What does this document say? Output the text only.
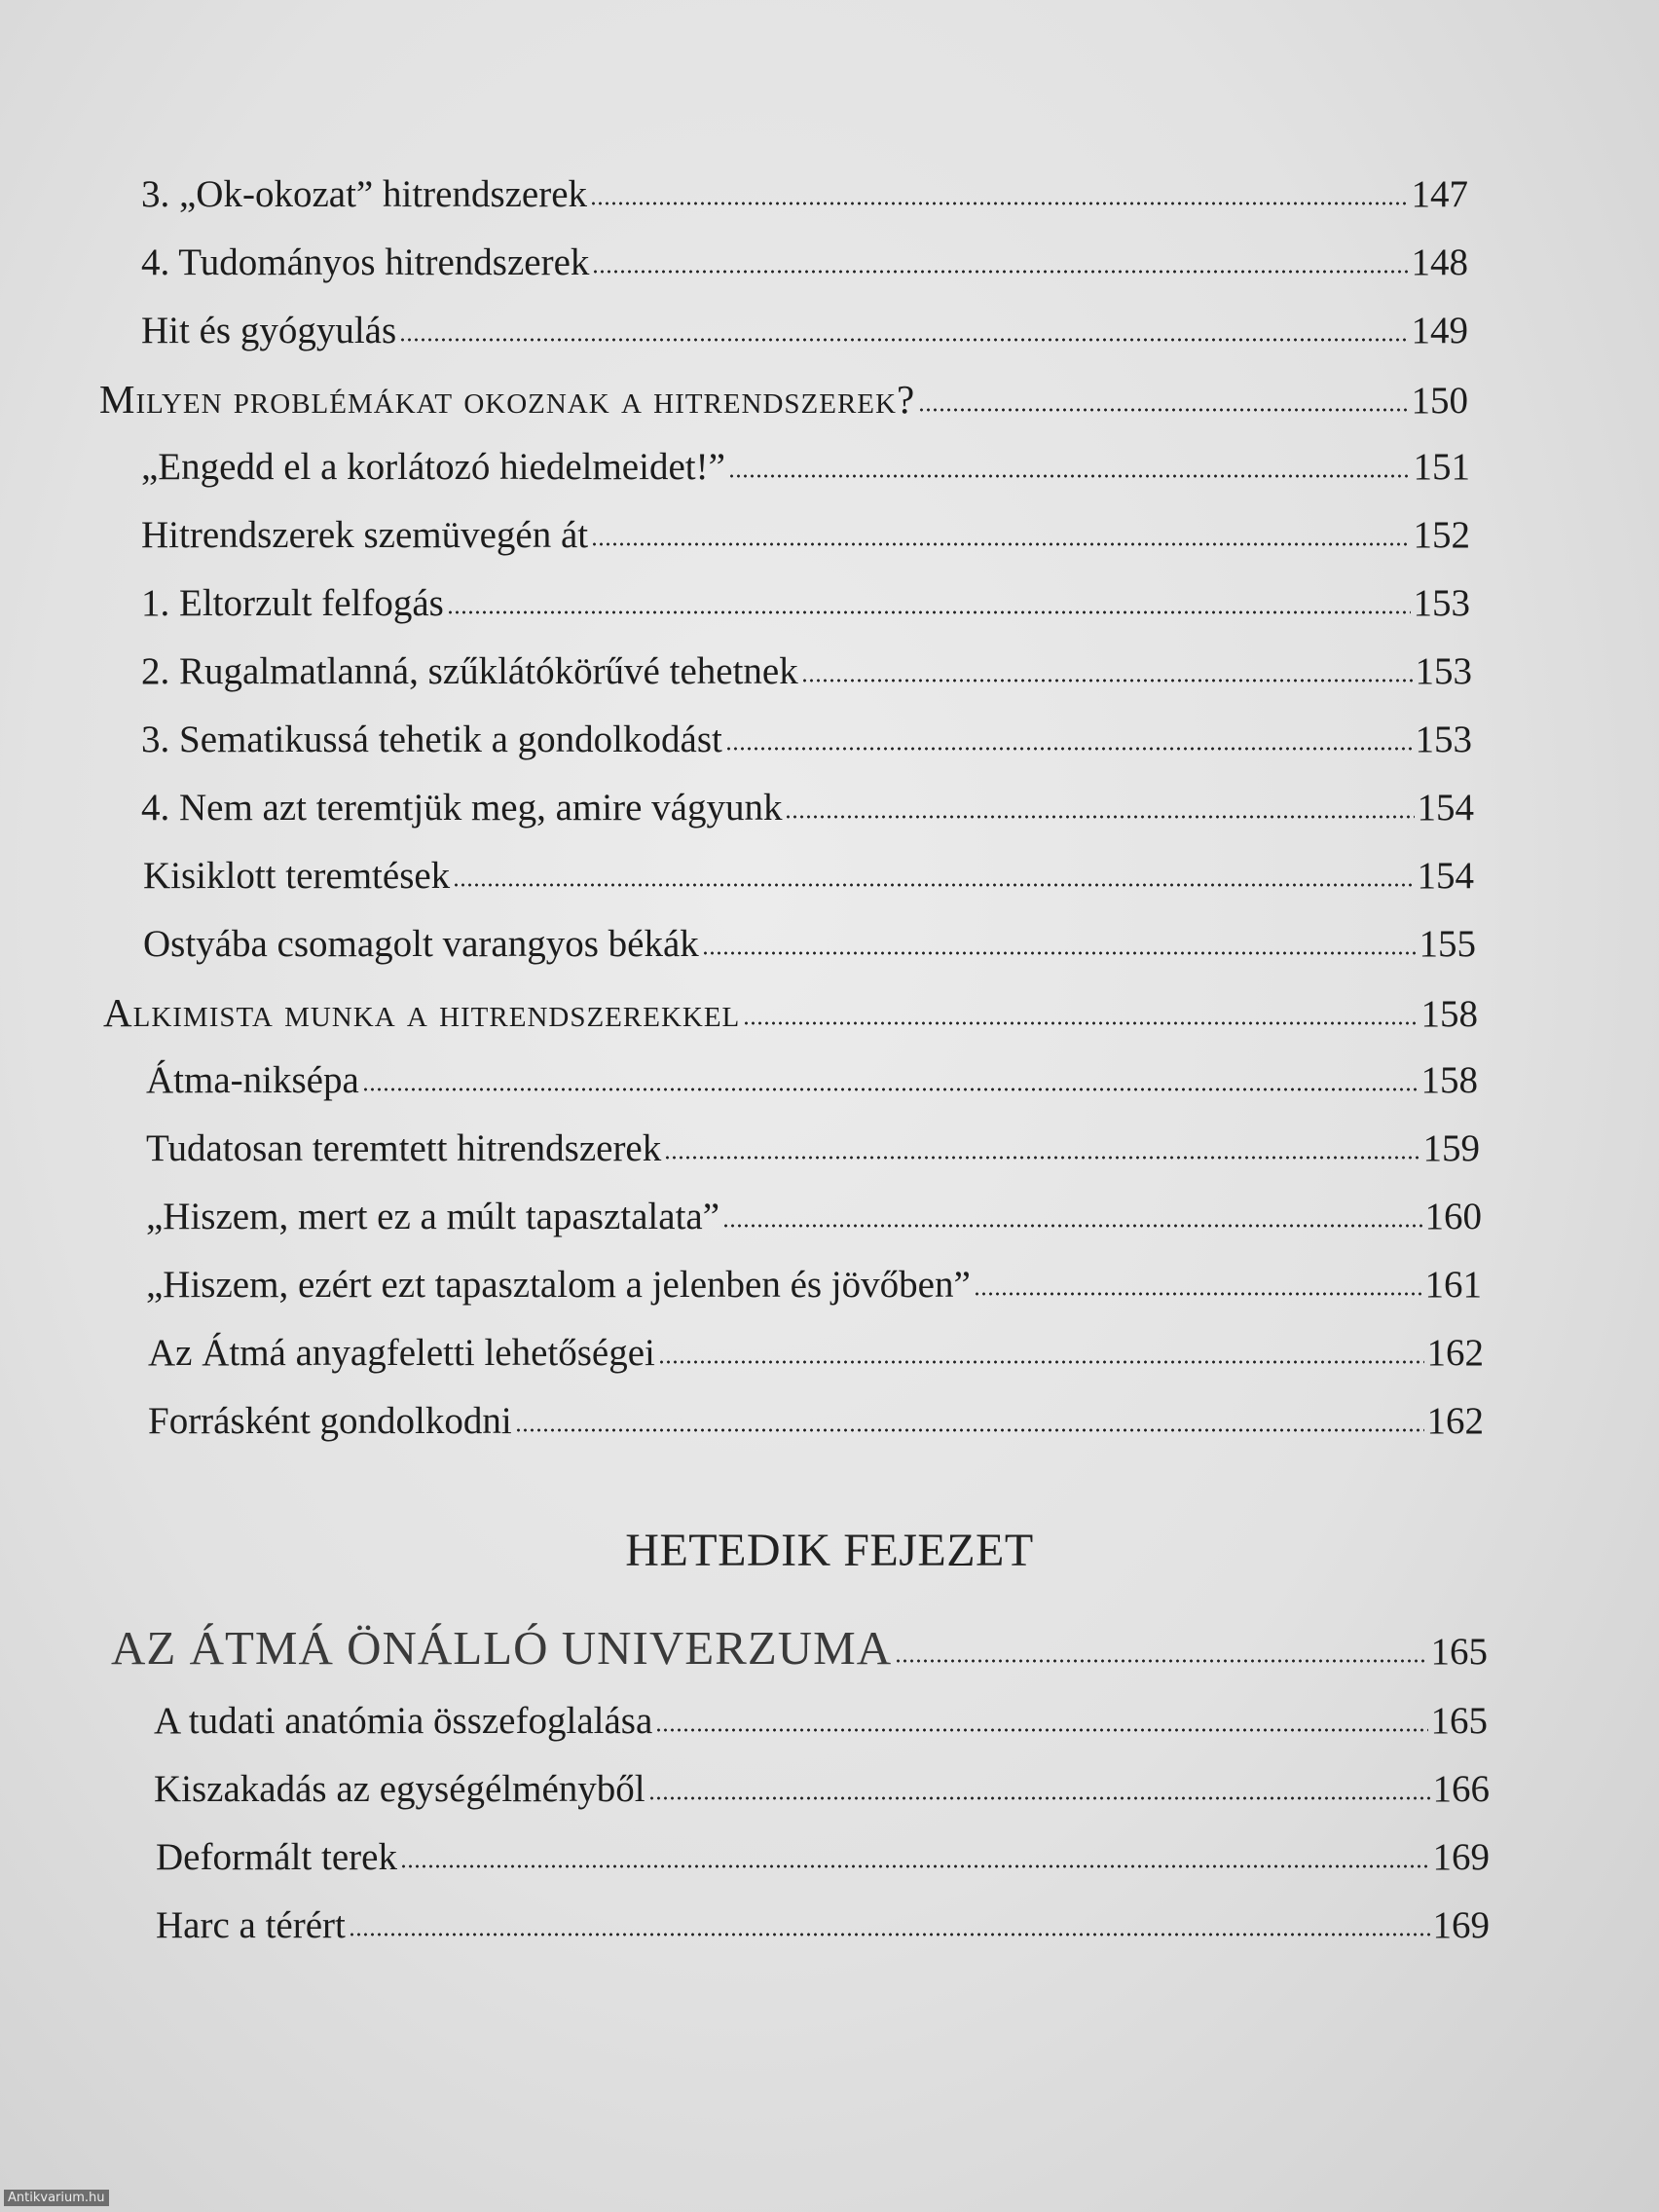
3. „Ok-okozat” hitrendszerek	147
4. Tudományos hitrendszerek	148
Hit és gyógyulás	149
Milyen problémákat okoznak a hitrendszerek?	150
„Engedd el a korlátozó hiedelmeidet!”	151
Hitrendszerek szemüvegén át	152
1. Eltorzult felfogás	153
2. Rugalmatlanná, szűklátókörűvé tehetnek	153
3. Sematikussá tehetik a gondolkodást	153
4. Nem azt teremtjük meg, amire vágyunk	154
Kisiklott teremtések	154
Ostyába csomagolt varangyos békák	155
Alkimista munka a hitrendszerekkel	158
Átma-niksépa	158
Tudatosan teremtett hitrendszerek	159
„Hiszem, mert ez a múlt tapasztalata”	160
„Hiszem, ezért ezt tapasztalom a jelenben és jövőben”	161
Az Átmá anyagfeletti lehetőségei	162
Forrásként gondolkodni	162
AZ ÁTMÁ ÖNÁLLÓ UNIVERZUMA	165
A tudati anatómia összefoglalása	165
Kiszakadás az egységélményből	166
Deformált terek	169
Harc a térért	169
HETEDIK FEJEZET
Antikvarium.hu
